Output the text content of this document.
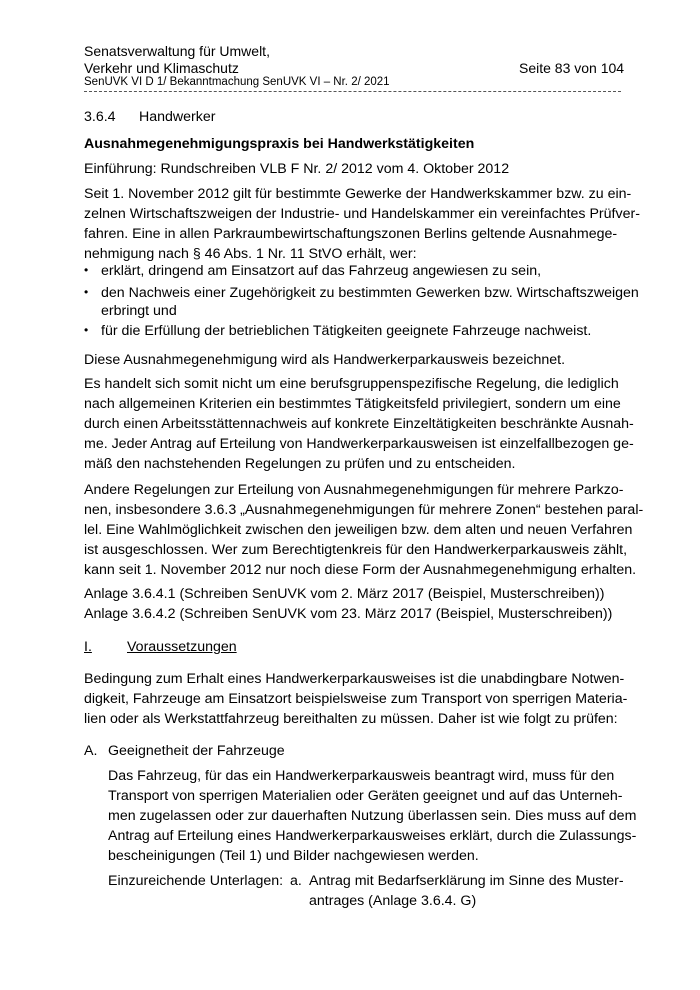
Senatsverwaltung für Umwelt,
Verkehr und Klimaschutz
SenUVK VI D 1/ Bekanntmachung SenUVK VI – Nr. 2/ 2021
Seite 83 von 104
3.6.4 Handwerker
Ausnahmegenehmigungspraxis bei Handwerkstätigkeiten
Einführung: Rundschreiben VLB F Nr. 2/ 2012 vom 4. Oktober 2012
Seit 1. November 2012 gilt für bestimmte Gewerke der Handwerkskammer bzw. zu ein-
zelnen Wirtschaftszweigen der Industrie- und Handelskammer ein vereinfachtes Prüfver-
fahren. Eine in allen Parkraumbewirtschaftungszonen Berlins geltende Ausnahmege-
nehmigung nach § 46 Abs. 1 Nr. 11 StVO erhält, wer:
• erklärt, dringend am Einsatzort auf das Fahrzeug angewiesen zu sein,
• den Nachweis einer Zugehörigkeit zu bestimmten Gewerken bzw. Wirtschaftszweigen
erbringt und
• für die Erfüllung der betrieblichen Tätigkeiten geeignete Fahrzeuge nachweist.
Diese Ausnahmegenehmigung wird als Handwerkerparkausweis bezeichnet.
Es handelt sich somit nicht um eine berufsgruppenspezifische Regelung, die lediglich
nach allgemeinen Kriterien ein bestimmtes Tätigkeitsfeld privilegiert, sondern um eine
durch einen Arbeitsstättennachweis auf konkrete Einzeltätigkeiten beschränkte Ausnah-
me. Jeder Antrag auf Erteilung von Handwerkerparkausweisen ist einzelfallbezogen ge-
mäß den nachstehenden Regelungen zu prüfen und zu entscheiden.
Andere Regelungen zur Erteilung von Ausnahmegenehmigungen für mehrere Parkzo-
nen, insbesondere 3.6.3 „Ausnahmegenehmigungen für mehrere Zonen“ bestehen paral-
lel. Eine Wahlmöglichkeit zwischen den jeweiligen bzw. dem alten und neuen Verfahren
ist ausgeschlossen. Wer zum Berechtigtenkreis für den Handwerkerparkausweis zählt,
kann seit 1. November 2012 nur noch diese Form der Ausnahmegenehmigung erhalten.
Anlage 3.6.4.1 (Schreiben SenUVK vom 2. März 2017 (Beispiel, Musterschreiben))
Anlage 3.6.4.2 (Schreiben SenUVK vom 23. März 2017 (Beispiel, Musterschreiben))
I. Voraussetzungen
Bedingung zum Erhalt eines Handwerkerparkausweises ist die unabdingbare Notwen-
digkeit, Fahrzeuge am Einsatzort beispielsweise zum Transport von sperrigen Materia-
lien oder als Werkstattfahrzeug bereithalten zu müssen. Daher ist wie folgt zu prüfen:
A. Geeignetheit der Fahrzeuge
Das Fahrzeug, für das ein Handwerkerparkausweis beantragt wird, muss für den
Transport von sperrigen Materialien oder Geräten geeignet und auf das Unterneh-
men zugelassen oder zur dauerhaften Nutzung überlassen sein. Dies muss auf dem
Antrag auf Erteilung eines Handwerkerparkausweises erklärt, durch die Zulassungs-
bescheinigungen (Teil 1) und Bilder nachgewiesen werden.
Einzureichende Unterlagen: a. Antrag mit Bedarfserklärung im Sinne des Muster-
antrages (Anlage 3.6.4. G)
